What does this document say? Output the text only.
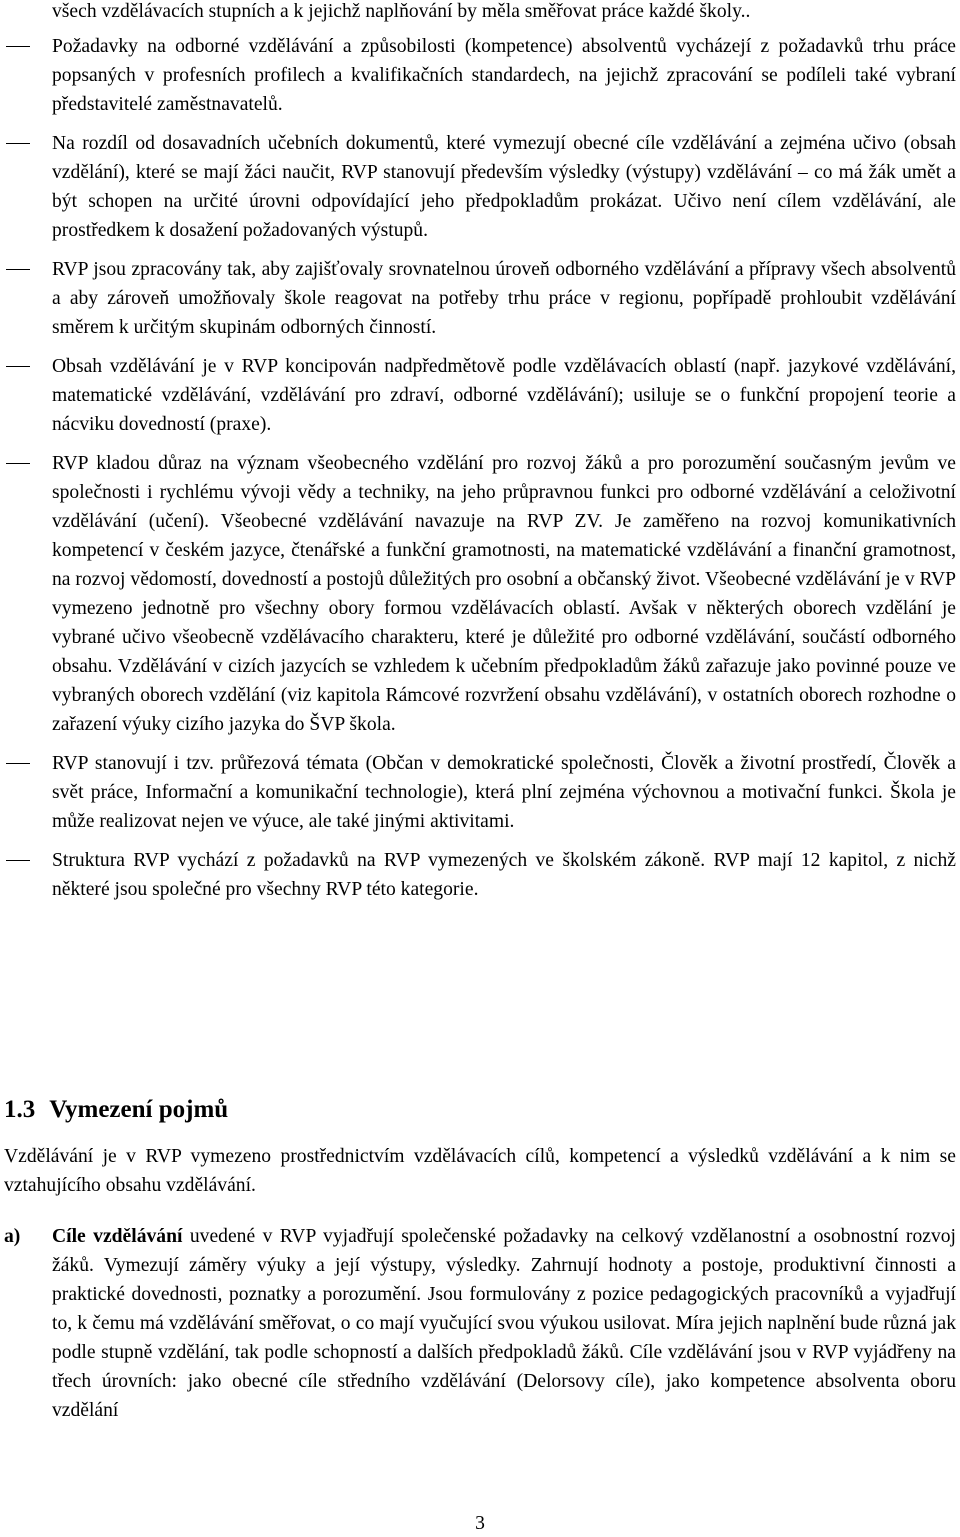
všech vzdělávacích stupních a k jejichž naplňování by měla směřovat práce každé školy..
Požadavky na odborné vzdělávání a způsobilosti (kompetence) absolventů vycházejí z požadavků trhu práce popsaných v profesních profilech a kvalifikačních standardech, na jejichž zpracování se podíleli také vybraní představitelé zaměstnavatelů.
Na rozdíl od dosavadních učebních dokumentů, které vymezují obecné cíle vzdělávání a zejména učivo (obsah vzdělání), které se mají žáci naučit, RVP stanovují především výsledky (výstupy) vzdělávání – co má žák umět a být schopen na určité úrovni odpovídající jeho předpokladům prokázat. Učivo není cílem vzdělávání, ale prostředkem k dosažení požadovaných výstupů.
RVP jsou zpracovány tak, aby zajišťovaly srovnatelnou úroveň odborného vzdělávání a přípravy všech absolventů a aby zároveň umožňovaly škole reagovat na potřeby trhu práce v regionu, popřípadě prohloubit vzdělávání směrem k určitým skupinám odborných činností.
Obsah vzdělávání je v RVP koncipován nadpředmětově podle vzdělávacích oblastí (např. jazykové vzdělávání, matematické vzdělávání, vzdělávání pro zdraví, odborné vzdělávání); usiluje se o funkční propojení teorie a nácviku dovedností (praxe).
RVP kladou důraz na význam všeobecného vzdělání pro rozvoj žáků a pro porozumění současným jevům ve společnosti i rychlému vývoji vědy a techniky, na jeho průpravnou funkci pro odborné vzdělávání a celoživotní vzdělávání (učení). Všeobecné vzdělávání navazuje na RVP ZV. Je zaměřeno na rozvoj komunikativních kompetencí v českém jazyce, čtenářské a funkční gramotnosti, na matematické vzdělávání a finanční gramotnost, na rozvoj vědomostí, dovedností a postojů důležitých pro osobní a občanský život. Všeobecné vzdělávání je v RVP vymezeno jednotně pro všechny obory formou vzdělávacích oblastí. Avšak v některých oborech vzdělání je vybrané učivo všeobecně vzdělávacího charakteru, které je důležité pro odborné vzdělávání, součástí odborného obsahu. Vzdělávání v cizích jazycích se vzhledem k učebním předpokladům žáků zařazuje jako povinné pouze ve vybraných oborech vzdělání (viz kapitola Rámcové rozvržení obsahu vzdělávání), v ostatních oborech rozhodne o zařazení výuky cizího jazyka do ŠVP škola.
RVP stanovují i tzv. průřezová témata (Občan v demokratické společnosti, Člověk a životní prostředí, Člověk a svět práce, Informační a komunikační technologie), která plní zejména výchovnou a motivační funkci. Škola je může realizovat nejen ve výuce, ale také jinými aktivitami.
Struktura RVP vychází z požadavků na RVP vymezených ve školském zákoně. RVP mají 12 kapitol, z nichž některé jsou společné pro všechny RVP této kategorie.
1.3 Vymezení pojmů
Vzdělávání je v RVP vymezeno prostřednictvím vzdělávacích cílů, kompetencí a výsledků vzdělávání a k nim se vztahujícího obsahu vzdělávání.
a) Cíle vzdělávání uvedené v RVP vyjadřují společenské požadavky na celkový vzdělanostní a osobnostní rozvoj žáků. Vymezují záměry výuky a její výstupy, výsledky. Zahrnují hodnoty a postoje, produktivní činnosti a praktické dovednosti, poznatky a porozumění. Jsou formulovány z pozice pedagogických pracovníků a vyjadřují to, k čemu má vzdělávání směřovat, o co mají vyučující svou výukou usilovat. Míra jejich naplnění bude různá jak podle stupně vzdělání, tak podle schopností a dalších předpokladů žáků. Cíle vzdělávání jsou v RVP vyjádřeny na třech úrovních: jako obecné cíle středního vzdělávání (Delorsovy cíle), jako kompetence absolventa oboru vzdělání
3
